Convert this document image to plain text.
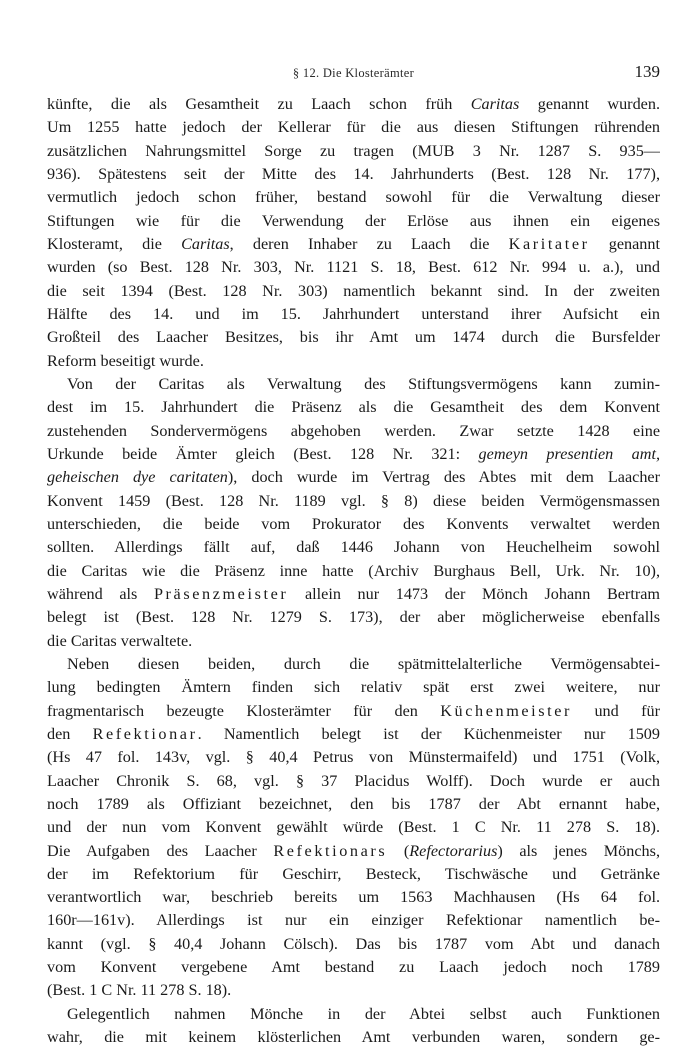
§ 12. Die Klosterämter	139

künfte, die als Gesamtheit zu Laach schon früh Caritas genannt wurden.

Um 1255 hatte jedoch der Kellerar für die aus diesen Stiftungen rührenden

zusätzlichen Nahrungsmittel Sorge zu tragen (MUB 3 Nr. 1287 S. 935—

936). Spätestens seit der Mitte des 14. Jahrhunderts (Best. 128 Nr. 177),

vermutlich jedoch schon früher, bestand sowohl für die Verwaltung dieser

Stiftungen wie für die Verwendung der Erlöse aus ihnen ein eigenes

Klosteramt, die Caritas, deren Inhaber zu Laach die Karitater genannt

wurden (so Best. 128 Nr. 303, Nr. 1121 S. 18, Best. 612 Nr. 994 u. a.), und

die seit 1394 (Best. 128 Nr. 303) namentlich bekannt sind. In der zweiten

Hälfte des 14. und im 15. Jahrhundert unterstand ihrer Aufsicht ein

Großteil des Laacher Besitzes, bis ihr Amt um 1474 durch die Bursfelder

Reform beseitigt wurde.

Von der Caritas als Verwaltung des Stiftungsvermögens kann zumin-

dest im 15. Jahrhundert die Präsenz als die Gesamtheit des dem Konvent

zustehenden Sondervermögens abgehoben werden. Zwar setzte 1428 eine

Urkunde beide Ämter gleich (Best. 128 Nr. 321: gemeyn presentien amt,

geheischen dye caritaten), doch wurde im Vertrag des Abtes mit dem Laacher

Konvent 1459 (Best. 128 Nr. 1189 vgl. § 8) diese beiden Vermögensmassen

unterschieden, die beide vom Prokurator des Konvents verwaltet werden

sollten. Allerdings fällt auf, daß 1446 Johann von Heuchelheim sowohl

die Caritas wie die Präsenz inne hatte (Archiv Burghaus Bell, Urk. Nr. 10),

während als Präsenzmeister allein nur 1473 der Mönch Johann Bertram

belegt ist (Best. 128 Nr. 1279 S. 173), der aber möglicherweise ebenfalls

die Caritas verwaltete.

Neben diesen beiden, durch die spätmittelalterliche Vermögensabtei-

lung bedingten Ämtern finden sich relativ spät erst zwei weitere, nur

fragmentarisch bezeugte Klosterämter für den Küchenmeister und für

den Refektionar. Namentlich belegt ist der Küchenmeister nur 1509

(Hs 47 fol. 143v, vgl. § 40,4 Petrus von Münstermaifeld) und 1751 (Volk,

Laacher Chronik S. 68, vgl. § 37 Placidus Wolff). Doch wurde er auch

noch 1789 als Offiziant bezeichnet, den bis 1787 der Abt ernannt habe,

und der nun vom Konvent gewählt würde (Best. 1 C Nr. 11 278 S. 18).

Die Aufgaben des Laacher Refektionars (Refectorarius) als jenes Mönchs,

der im Refektorium für Geschirr, Besteck, Tischwäsche und Getränke

verantwortlich war, beschrieb bereits um 1563 Machhausen (Hs 64 fol.

160r—161v). Allerdings ist nur ein einziger Refektionar namentlich be-

kannt (vgl. § 40,4 Johann Cölsch). Das bis 1787 vom Abt und danach

vom Konvent vergebene Amt bestand zu Laach jedoch noch 1789

(Best. 1 C Nr. 11 278 S. 18).

Gelegentlich nahmen Mönche in der Abtei selbst auch Funktionen

wahr, die mit keinem klösterlichen Amt verbunden waren, sondern ge-
